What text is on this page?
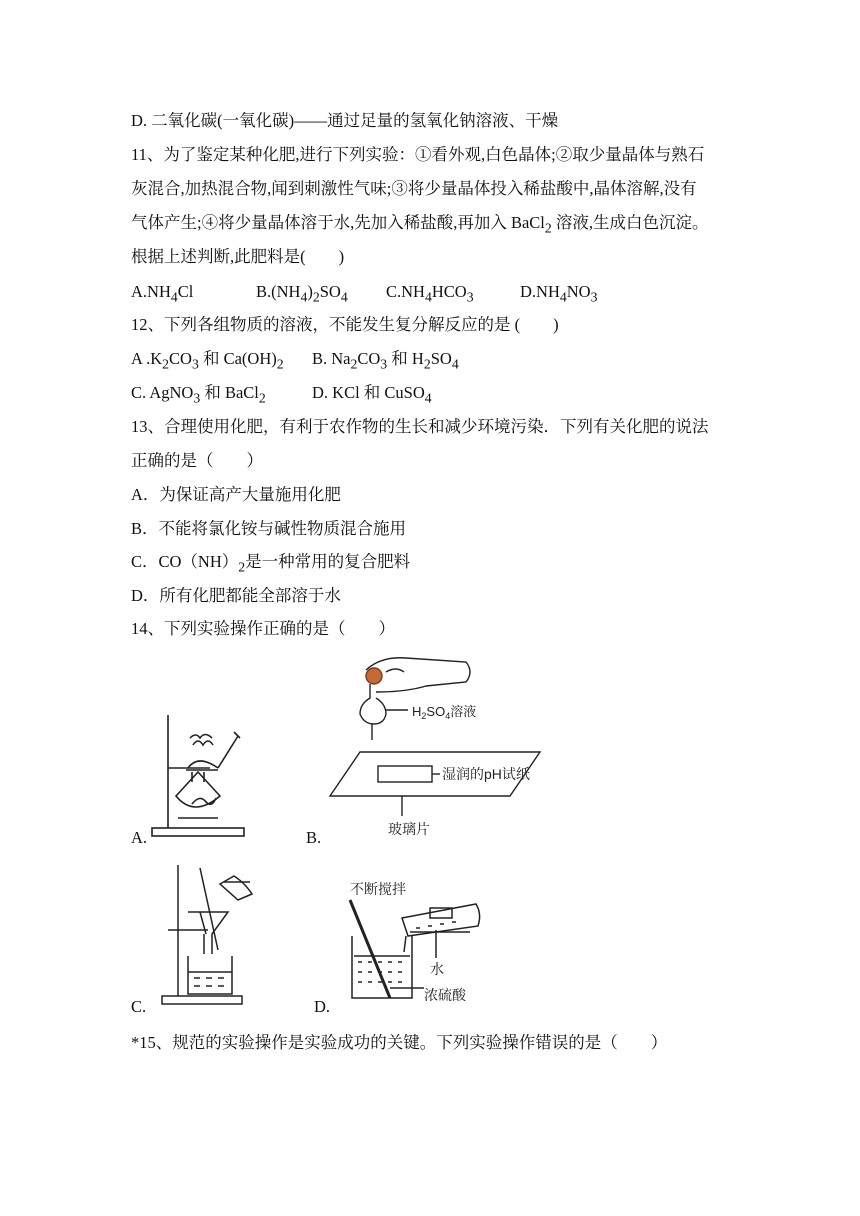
D. 二氧化碳(一氧化碳)——通过足量的氢氧化钠溶液、干燥
11、为了鉴定某种化肥,进行下列实验：①看外观,白色晶体;②取少量晶体与熟石
灰混合,加热混合物,闻到刺激性气味;③将少量晶体投入稀盐酸中,晶体溶解,没有
气体产生;④将少量晶体溶于水,先加入稀盐酸,再加入 BaCl$_2$ 溶液,生成白色沉淀。
根据上述判断,此肥料是(　　)
$A.NH_4Cl$	$B.(NH_4)_2SO_4$ $C.NH_4HCO_3$	$D.NH_4NO_3$
12、下列各组物质的溶液，不能发生复分解反应的是 (　　)
A $.K_2CO_3$ 和 $Ca(OH)_2$ B. $Na_2CO_3$ 和 $H_2SO_4$
C. AgNO$_3$ 和 BaCl$_2$	D. KCl 和 CuSO$_4$
13、合理使用化肥，有利于农作物的生长和减少环境污染．下列有关化肥的说法
正确的是（　　）
A．为保证高产大量施用化肥
B．不能将氯化铵与碱性物质混合施用
C．$CO(NH)_2$是一种常用的复合肥料
D．所有化肥都能全部溶于水
14、下列实验操作正确的是（　　）
A.	B.
C.	D.
$H_2SO_4$溶液
湿润的pH试纸
玻璃片
不断搅拌
水
浓硫酸
*15、规范的实验操作是实验成功的关键。下列实验操作错误的是（　　）
